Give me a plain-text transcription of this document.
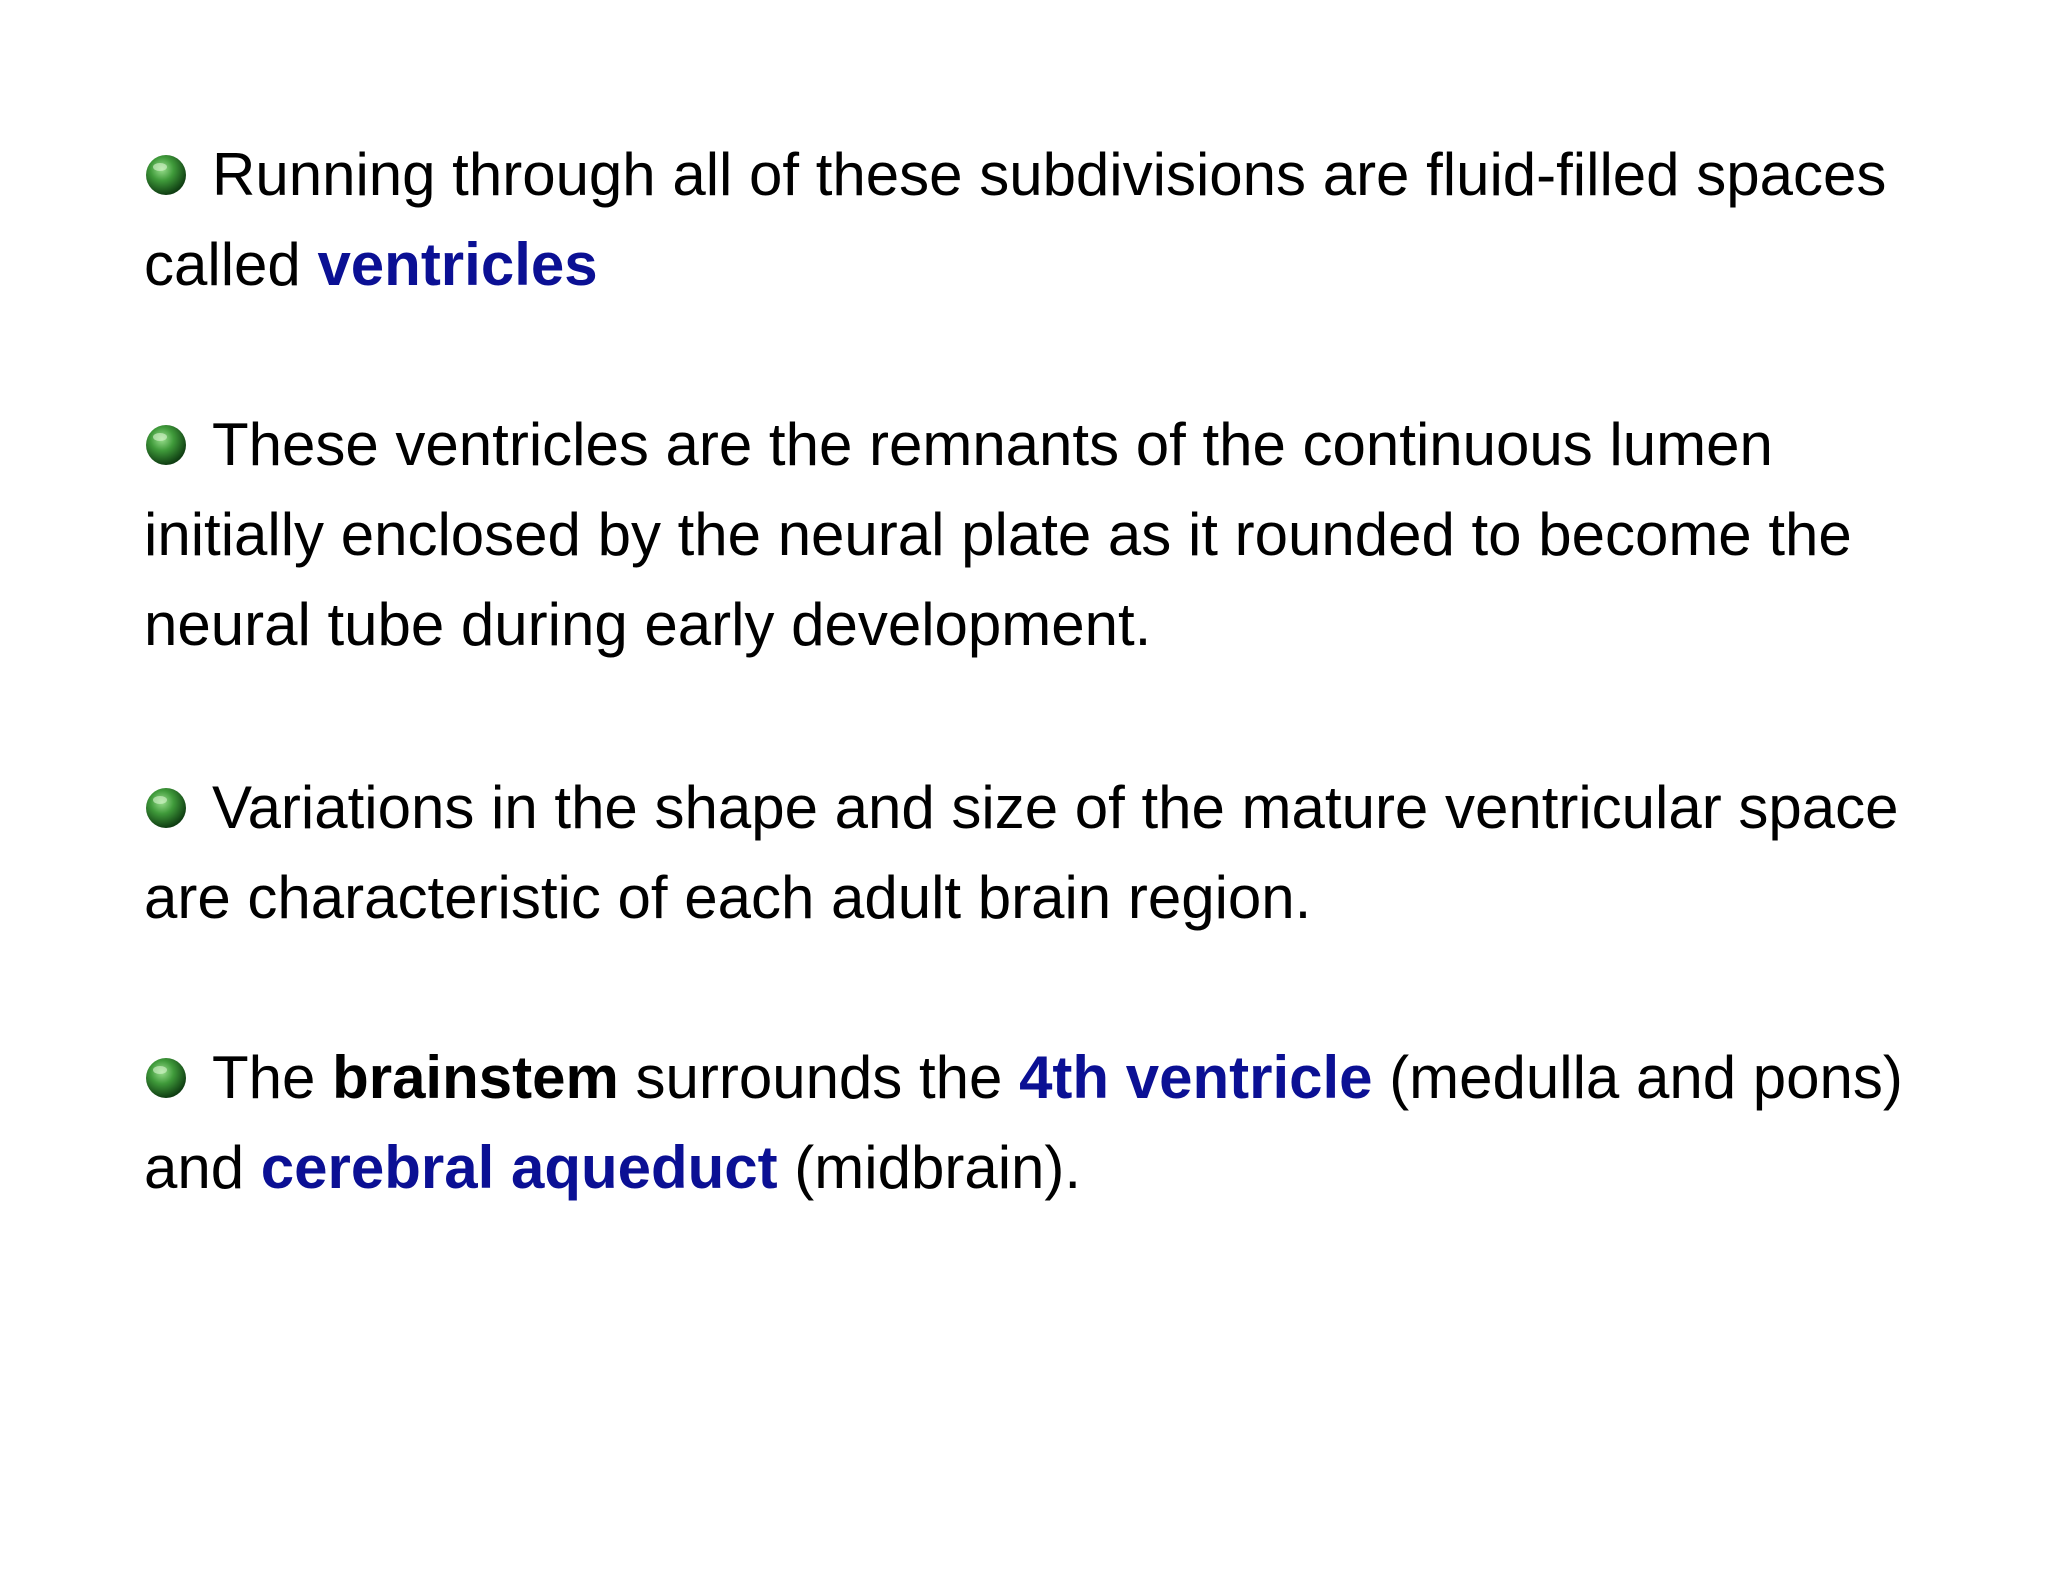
Running through all of these subdivisions are fluid-filled spaces called ventricles

These ventricles are the remnants of the continuous lumen initially enclosed by the neural plate as it rounded to become the neural tube during early development.

Variations in the shape and size of the mature ventricular space are characteristic of each adult brain region.

The brainstem surrounds the 4th ventricle (medulla and pons) and cerebral aqueduct (midbrain).
